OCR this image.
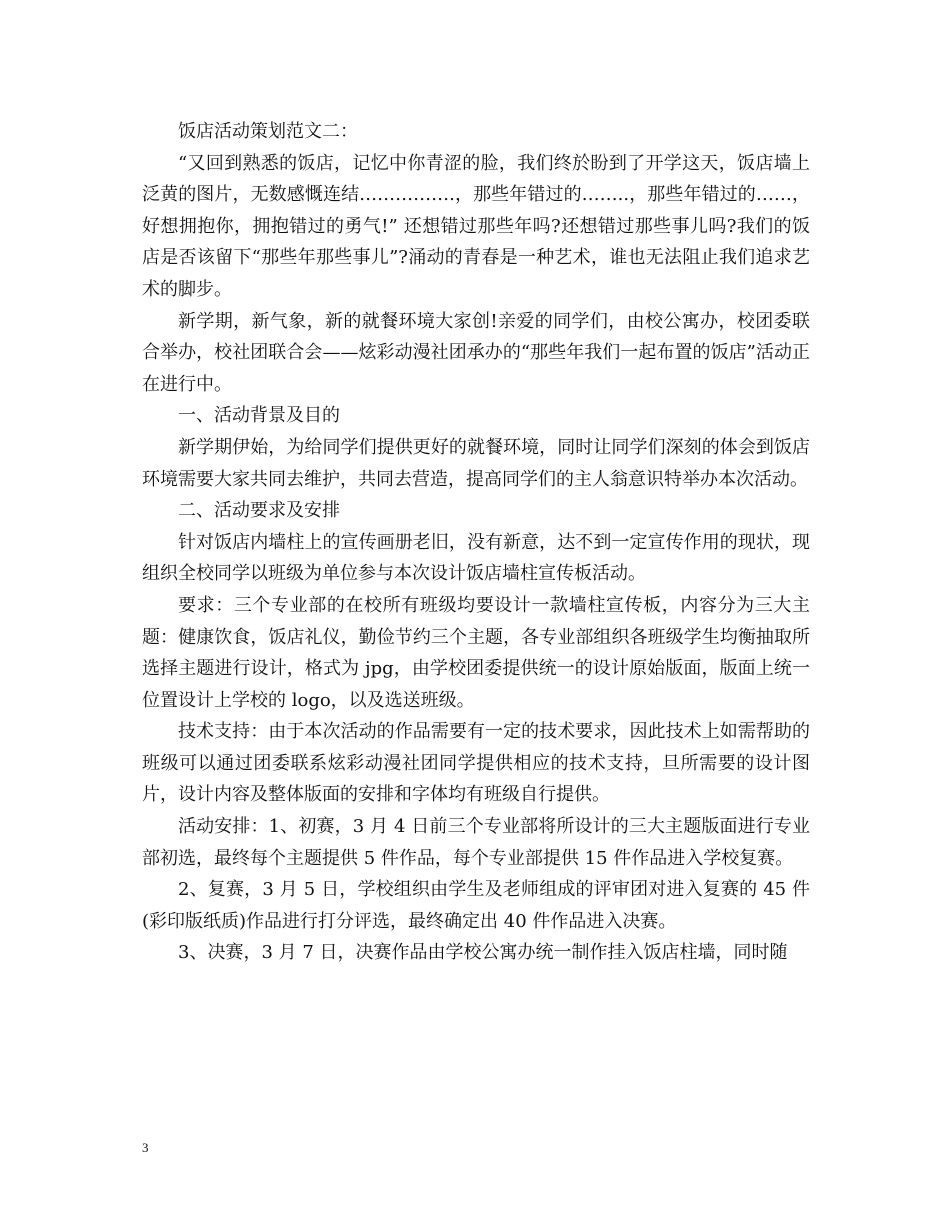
饭店活动策划范文二：

“又回到熟悉的饭店，记忆中你青涩的脸，我们终於盼到了开学这天，饭店墙上泛黄的图片，无数感慨连结…………….，那些年错过的……..，那些年错过的……，好想拥抱你，拥抱错过的勇气!” 还想错过那些年吗?还想错过那些事儿吗?我们的饭店是否该留下“那些年那些事儿”?涌动的青春是一种艺术，谁也无法阻止我们追求艺术的脚步。

新学期，新气象，新的就餐环境大家创!亲爱的同学们，由校公寓办，校团委联合举办，校社团联合会——炫彩动漫社团承办的“那些年我们一起布置的饭店”活动正在进行中。

一、活动背景及目的

新学期伊始，为给同学们提供更好的就餐环境，同时让同学们深刻的体会到饭店环境需要大家共同去维护，共同去营造，提高同学们的主人翁意识特举办本次活动。

二、活动要求及安排

针对饭店内墙柱上的宣传画册老旧，没有新意，达不到一定宣传作用的现状，现组织全校同学以班级为单位参与本次设计饭店墙柱宣传板活动。

要求：三个专业部的在校所有班级均要设计一款墙柱宣传板，内容分为三大主题：健康饮食，饭店礼仪，勤俭节约三个主题，各专业部组织各班级学生均衡抽取所选择主题进行设计，格式为 jpg，由学校团委提供统一的设计原始版面，版面上统一位置设计上学校的 logo，以及选送班级。

技术支持：由于本次活动的作品需要有一定的技术要求，因此技术上如需帮助的班级可以通过团委联系炫彩动漫社团同学提供相应的技术支持，旦所需要的设计图片，设计内容及整体版面的安排和字体均有班级自行提供。

活动安排：1、初赛，3 月 4 日前三个专业部将所设计的三大主题版面进行专业部初选，最终每个主题提供 5 件作品，每个专业部提供 15 件作品进入学校复赛。

2、复赛，3 月 5 日，学校组织由学生及老师组成的评审团对进入复赛的 45 件(彩印版纸质)作品进行打分评选，最终确定出 40 件作品进入决赛。

3、决赛，3 月 7 日，决赛作品由学校公寓办统一制作挂入饭店柱墙，同时随

3
